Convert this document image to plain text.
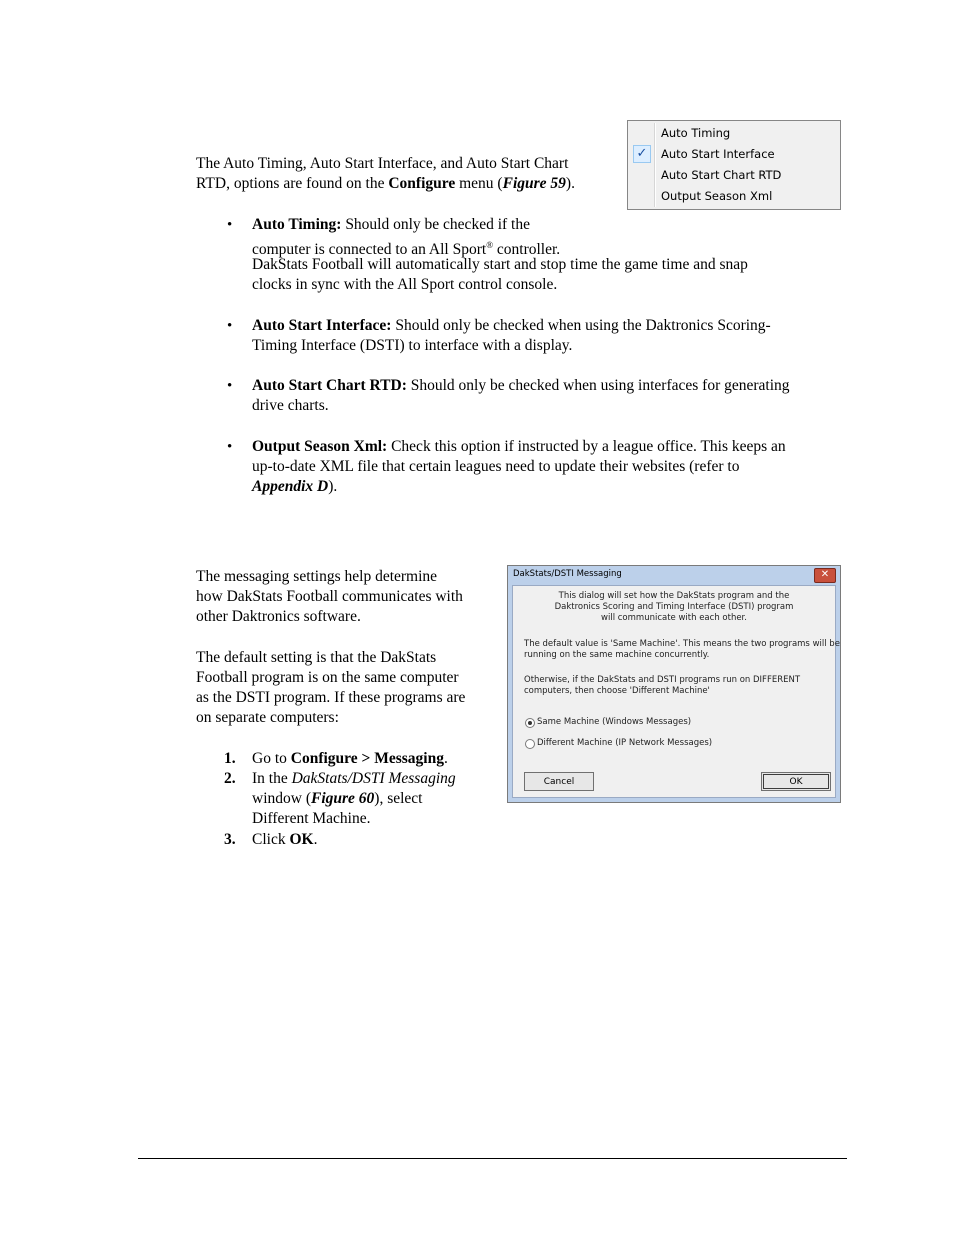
The Auto Timing, Auto Start Interface, and Auto Start Chart
RTD, options are found on the Configure menu (Figure 59).
✓
Auto Timing
Auto Start Interface
Auto Start Chart RTD
Output Season Xml
• Auto Timing: Should only be checked if the
computer is connected to an All Sport® controller.
DakStats Football will automatically start and stop time the game time and snap
clocks in sync with the All Sport control console.
• Auto Start Interface: Should only be checked when using the Daktronics Scoring-
Timing Interface (DSTI) to interface with a display.
• Auto Start Chart RTD: Should only be checked when using interfaces for generating
drive charts.
• Output Season Xml: Check this option if instructed by a league office. This keeps an
up-to-date XML file that certain leagues need to update their websites (refer to
Appendix D).
The messaging settings help determine
how DakStats Football communicates with
other Daktronics software.
The default setting is that the DakStats
Football program is on the same computer
as the DSTI program. If these programs are
on separate computers:
1. Go to Configure > Messaging.
2. In the DakStats/DSTI Messaging
window (Figure 60), select
Different Machine.
3. Click OK.
DakStats/DSTI Messaging	✕
This dialog will set how the DakStats program and the
Daktronics Scoring and Timing Interface (DSTI) program
will communicate with each other.
The default value is 'Same Machine'. This means the two programs will be
running on the same machine concurrently.
Otherwise, if the DakStats and DSTI programs run on DIFFERENT
computers, then choose 'Different Machine'
Same Machine (Windows Messages)
Different Machine (IP Network Messages)
Cancel	OK
